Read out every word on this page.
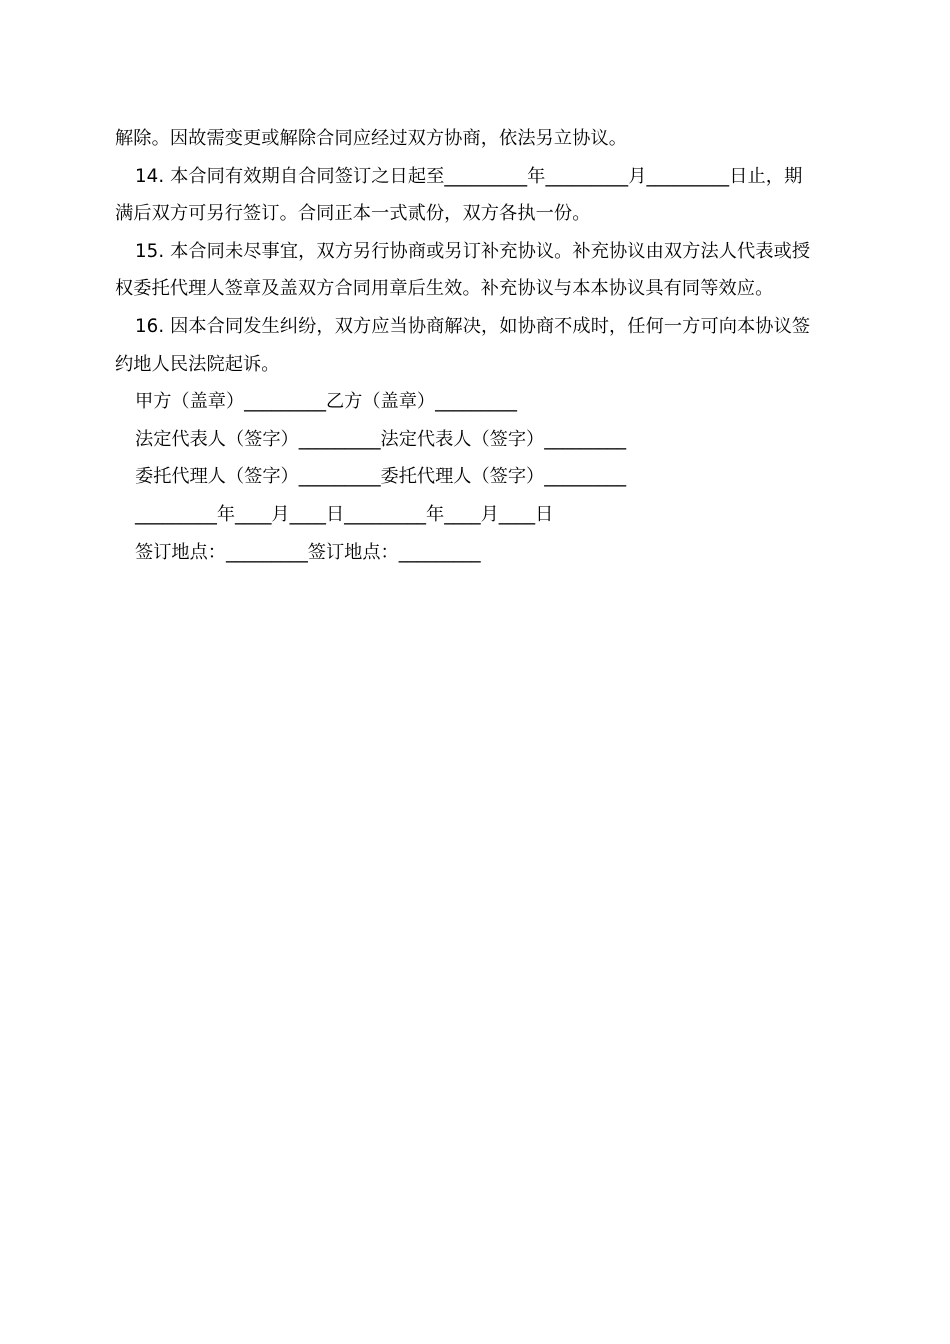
解除。因故需变更或解除合同应经过双方协商，依法另立协议。
14. 本合同有效期自合同签订之日起至_________年_________月_________日止，期
满后双方可另行签订。合同正本一式贰份，双方各执一份。
15. 本合同未尽事宜，双方另行协商或另订补充协议。补充协议由双方法人代表或授
权委托代理人签章及盖双方合同用章后生效。补充协议与本本协议具有同等效应。
16. 因本合同发生纠纷，双方应当协商解决，如协商不成时，任何一方可向本协议签
约地人民法院起诉。
甲方（盖章）_________乙方（盖章）_________
法定代表人（签字）_________法定代表人（签字）_________
委托代理人（签字）_________委托代理人（签字）_________
_________年____月____日_________年____月____日
签订地点：_________签订地点：_________
